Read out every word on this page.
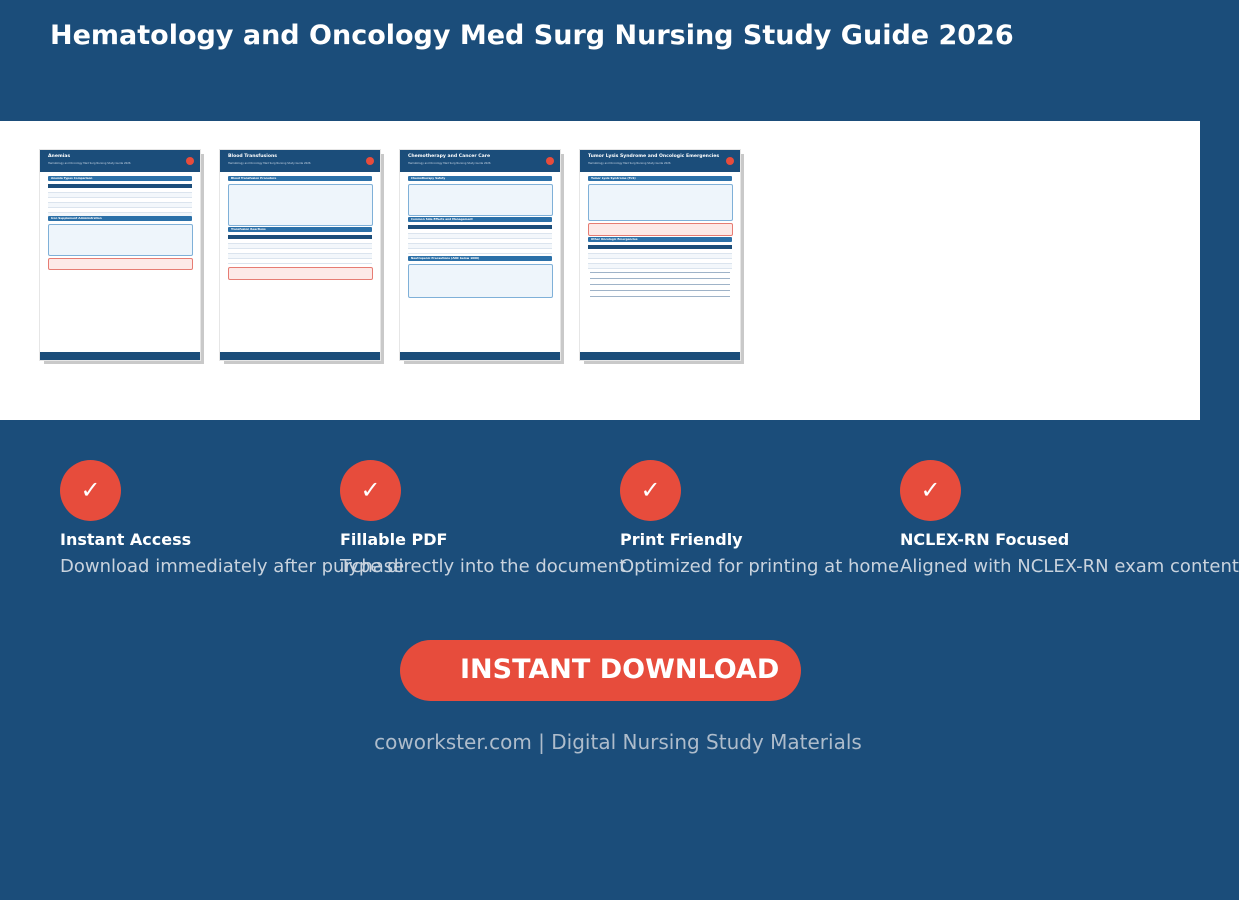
Hematology and Oncology Med Surg Nursing Study Guide 2026
Anemias
Hematology and Oncology Med Surg Nursing Study Guide 2026
Anemia Types Comparison
Iron Supplement Administration
Blood Transfusions
Hematology and Oncology Med Surg Nursing Study Guide 2026
Blood Transfusion Procedure
Transfusion Reactions
Chemotherapy and Cancer Care
Hematology and Oncology Med Surg Nursing Study Guide 2026
Chemotherapy Safety
Common Side Effects and Management
Neutropenic Precautions (ANC below 1000)
Tumor Lysis Syndrome and Oncologic Emergencies
Hematology and Oncology Med Surg Nursing Study Guide 2026
Tumor Lysis Syndrome (TLS)
Other Oncologic Emergencies
✓
Instant Access
Download immediately after purchase
✓
Fillable PDF
Type directly into the document
✓
Print Friendly
Optimized for printing at home
✓
NCLEX-RN Focused
Aligned with NCLEX-RN exam content
INSTANT DOWNLOAD
coworkster.com | Digital Nursing Study Materials
